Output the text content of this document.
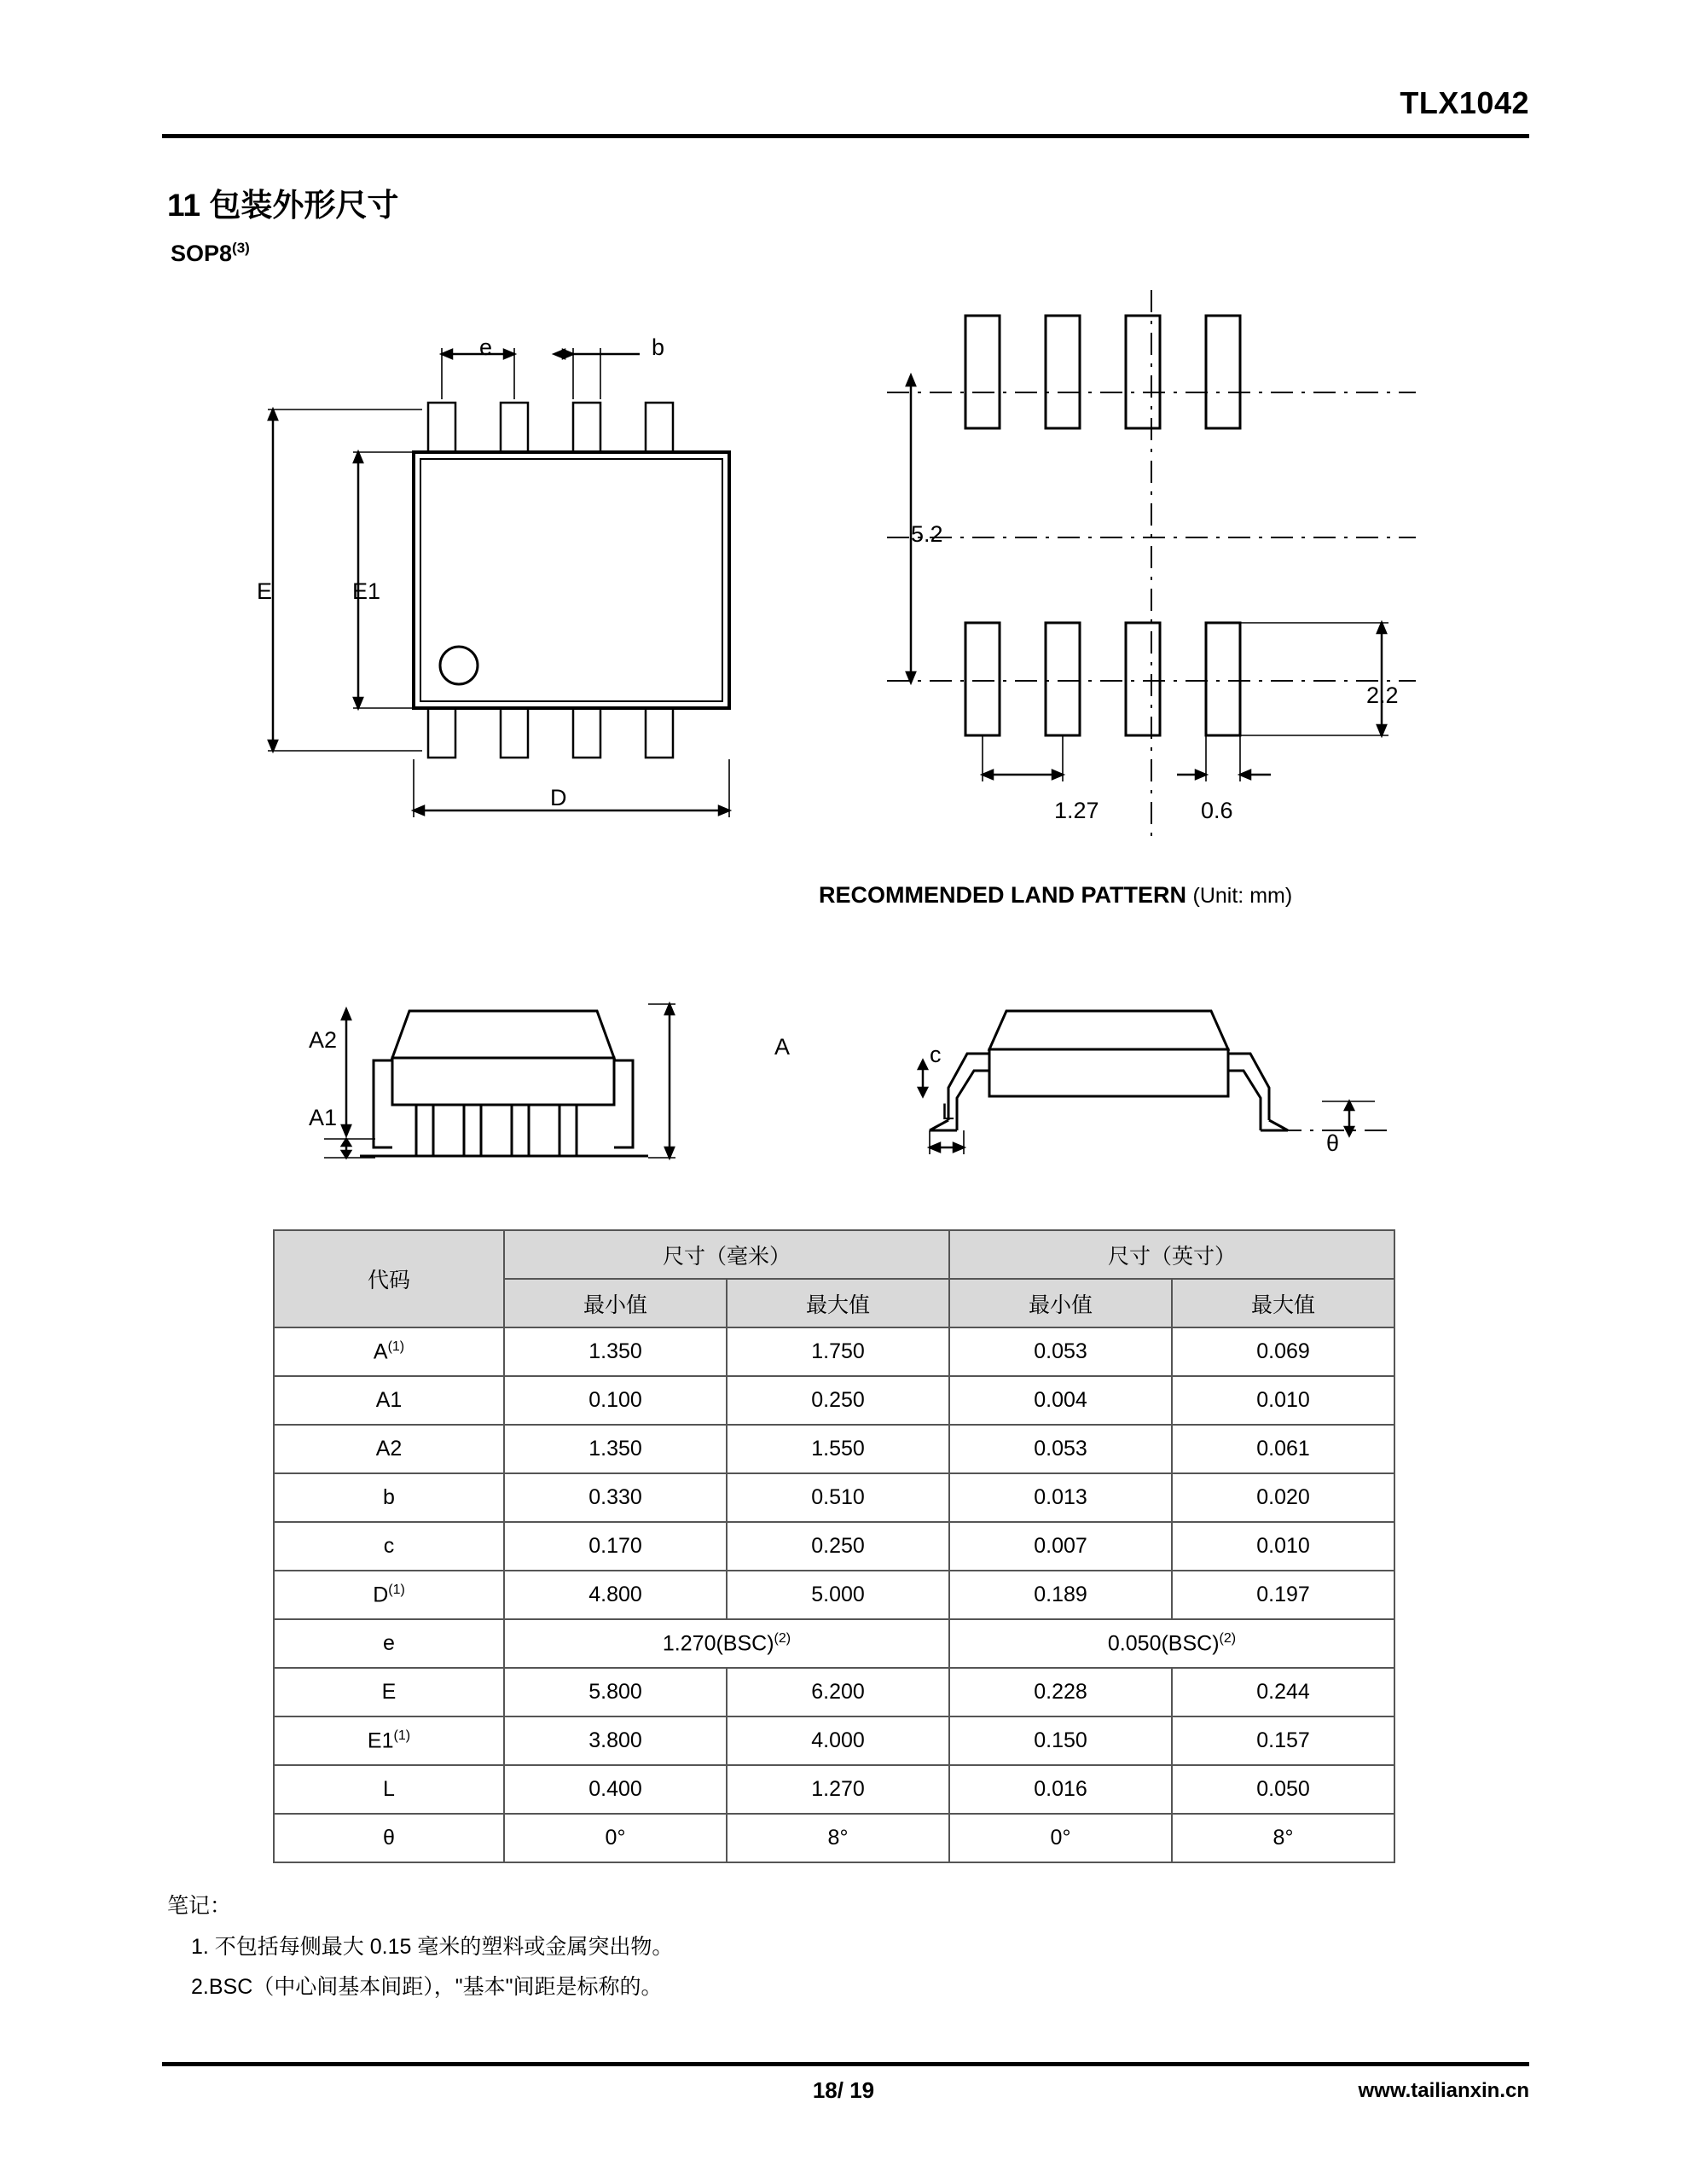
TLX1042
11 包装外形尺寸
SOP8$^{(3)}$
e	b
E	E1
D
5.2
2.2
1.27	0.6
RECOMMENDED LAND PATTERN (Unit: mm)
A2
A1
A	c
L
θ
代码	尺寸（毫米）		尺寸（英寸）	
	最小值	最大值	最小值	最大值
$A^{(1)}$	1.350	1.750	0.053	0.069
A1	0.100	0.250	0.004	0.010
A2	1.350	1.550	0.053	0.061
b	0.330	0.510	0.013	0.020
c	0.170	0.250	0.007	0.010
$D^{(1)}$	4.800	5.000	0.189	0.197
e	1.270(BSC)$^{(2)}$		0.050(BSC)$^{(2)}$
E	5.800	6.200	0.228	0.244
E1$^{(1)}$	3.800	4.000	0.150	0.157
L	0.400	1.270	0.016	0.050
θ	0°	8°	0°	8°
笔记：
1. 不包括每侧最大 0.15 毫米的塑料或金属突出物。
2.BSC（中心间基本间距），"基本"间距是标称的。
18/ 19	www.tailianxin.cn
